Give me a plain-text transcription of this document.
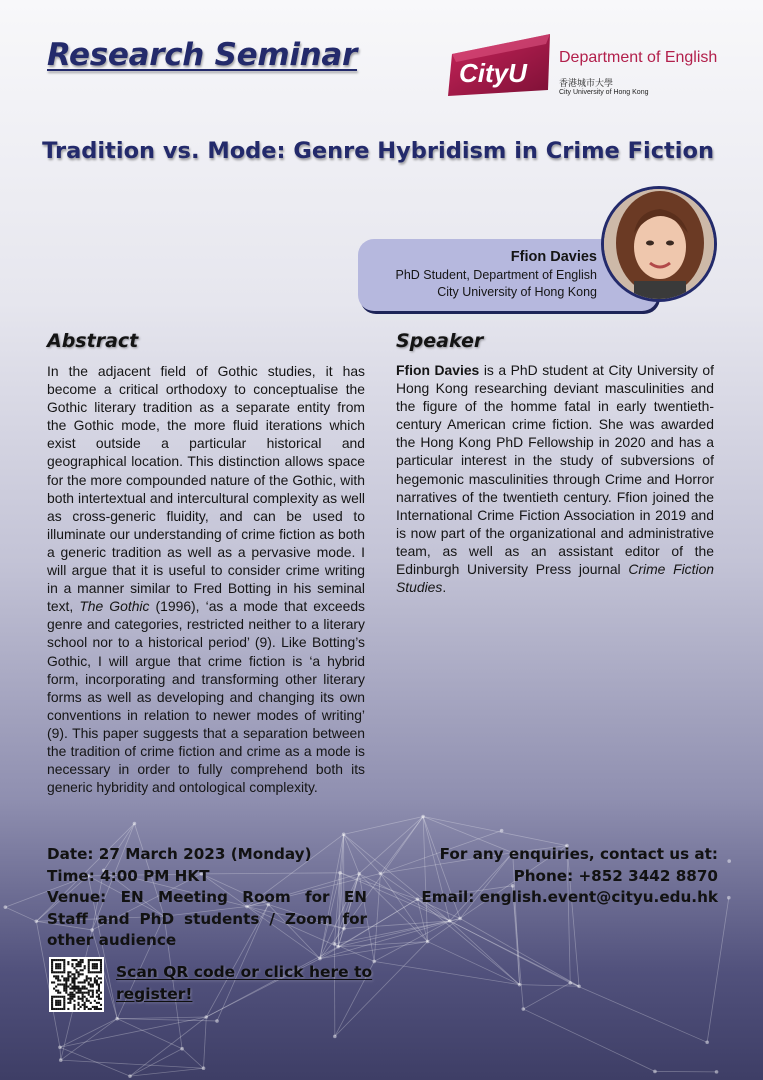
Research Seminar	CityU
Department of English
香港城市大學
City University of Hong Kong
Tradition vs. Mode: Genre Hybridism in Crime Fiction
Ffion Davies
PhD Student, Department of English
City University of Hong Kong
Abstract	Speaker
In the adjacent field of Gothic studies, it has become a critical orthodoxy to conceptualise the Gothic literary tradition as a separate entity from the Gothic mode, the more fluid iterations which exist outside a particular historical and geographical location. This distinction allows space for the more compounded nature of the Gothic, with both intertextual and intercultural complexity as well as cross-generic fluidity, and can be used to illuminate our understanding of crime fiction as both a generic tradition as well as a pervasive mode. I will argue that it is useful to consider crime writing in a manner similar to Fred Botting in his seminal text, The Gothic (1996), ‘as a mode that exceeds genre and categories, restricted neither to a literary school nor to a historical period’ (9). Like Botting’s Gothic, I will argue that crime fiction is ‘a hybrid form, incorporating and transforming other literary forms as well as developing and changing its own conventions in relation to newer modes of writing’ (9). This paper suggests that a separation between the tradition of crime fiction and crime as a mode is necessary in order to fully comprehend both its generic hybridity and ontological complexity.
Ffion Davies is a PhD student at City University of Hong Kong researching deviant masculinities and the figure of the homme fatal in early twentieth-century American crime fiction. She was awarded the Hong Kong PhD Fellowship in 2020 and has a particular interest in the study of subversions of hegemonic masculinities through Crime and Horror narratives of the twentieth century. Ffion joined the International Crime Fiction Association in 2019 and is now part of the organizational and administrative team, as well as an assistant editor of the Edinburgh University Press journal Crime Fiction Studies.
Date: 27 March 2023 (Monday)
Time: 4:00 PM HKT
Venue: EN Meeting Room for EN Staff and PhD students / Zoom for other audience
For any enquiries, contact us at:
Phone: +852 3442 8870
Email: english.event@cityu.edu.hk
Scan QR code or click here to register!
